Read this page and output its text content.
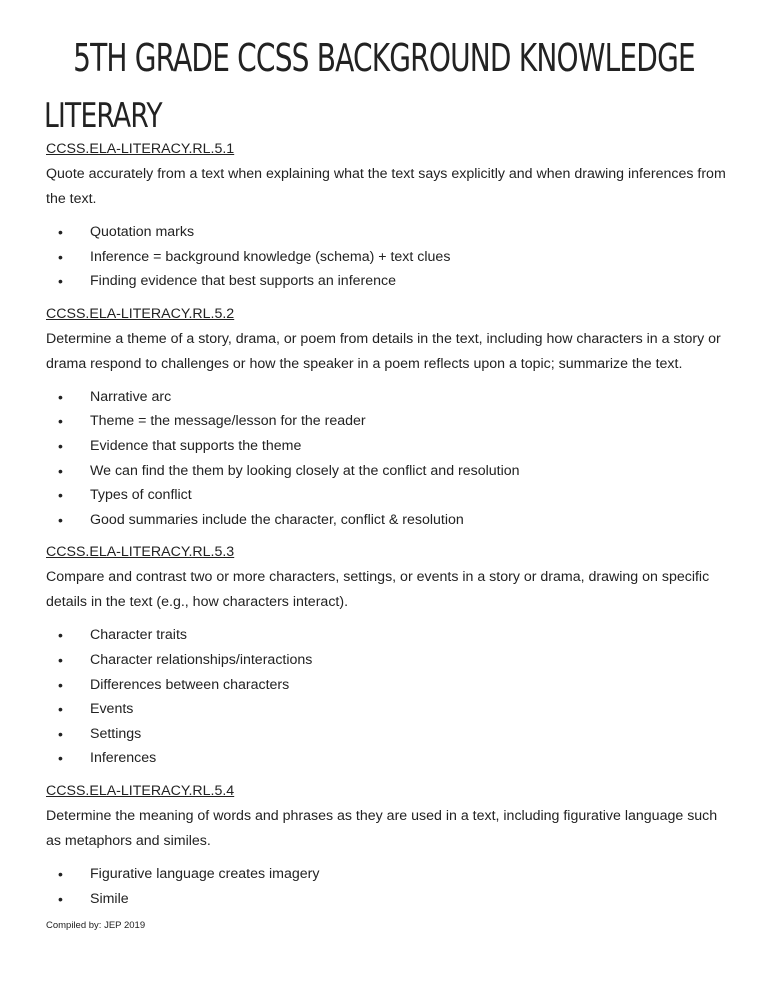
5TH GRADE CCSS BACKGROUND KNOWLEDGE
LITERARY
CCSS.ELA-LITERACY.RL.5.1

Quote accurately from a text when explaining what the text says explicitly and when drawing inferences from the text.

• Quotation marks
• Inference = background knowledge (schema) + text clues
• Finding evidence that best supports an inference
CCSS.ELA-LITERACY.RL.5.2

Determine a theme of a story, drama, or poem from details in the text, including how characters in a story or drama respond to challenges or how the speaker in a poem reflects upon a topic; summarize the text.

• Narrative arc
• Theme = the message/lesson for the reader
• Evidence that supports the theme
• We can find the them by looking closely at the conflict and resolution
• Types of conflict
• Good summaries include the character, conflict & resolution
CCSS.ELA-LITERACY.RL.5.3

Compare and contrast two or more characters, settings, or events in a story or drama, drawing on specific details in the text (e.g., how characters interact).

• Character traits
• Character relationships/interactions
• Differences between characters
• Events
• Settings
• Inferences
CCSS.ELA-LITERACY.RL.5.4

Determine the meaning of words and phrases as they are used in a text, including figurative language such as metaphors and similes.

• Figurative language creates imagery
• Simile
Compiled by: JEP 2019
